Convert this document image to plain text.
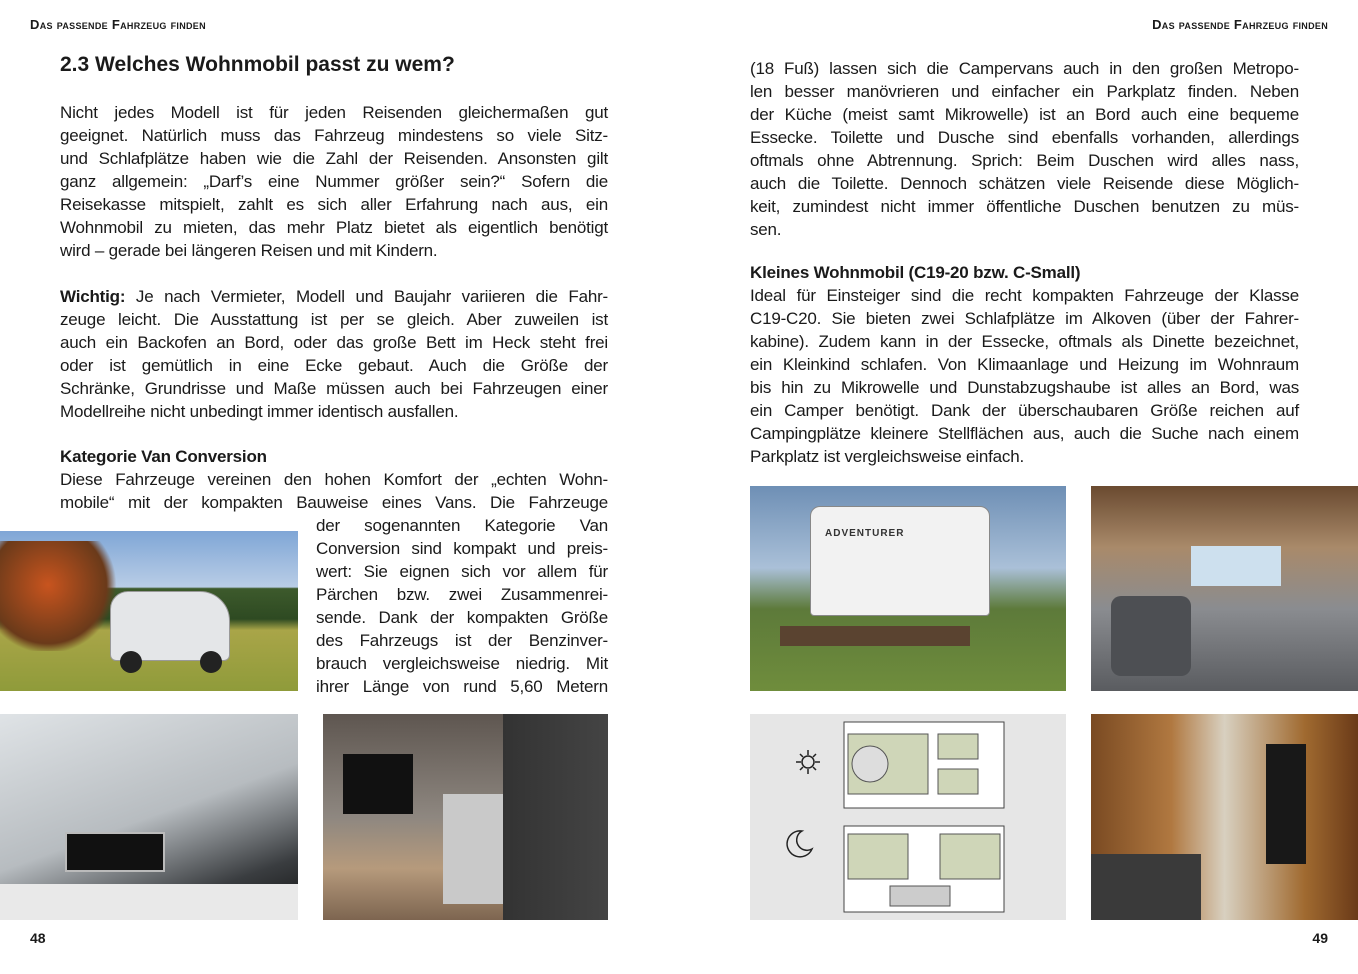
Das passende Fahrzeug finden	Das passende Fahrzeug finden
2.3 Welches Wohnmobil passt zu wem?
Nicht jedes Modell ist für jeden Reisenden gleichermaßen gut
geeignet. Natürlich muss das Fahrzeug mindestens so viele Sitz-
und Schlafplätze haben wie die Zahl der Reisenden. Ansonsten gilt
ganz allgemein: „Darf’s eine Nummer größer sein?“ Sofern die
Reisekasse mitspielt, zahlt es sich aller Erfahrung nach aus, ein
Wohnmobil zu mieten, das mehr Platz bietet als eigentlich benötigt
wird – gerade bei längeren Reisen und mit Kindern.
Wichtig: Je nach Vermieter, Modell und Baujahr variieren die Fahr-
zeuge leicht. Die Ausstattung ist per se gleich. Aber zuweilen ist
auch ein Backofen an Bord, oder das große Bett im Heck steht frei
oder ist gemütlich in eine Ecke gebaut. Auch die Größe der
Schränke, Grundrisse und Maße müssen auch bei Fahrzeugen einer
Modellreihe nicht unbedingt immer identisch ausfallen.
Kategorie Van Conversion
Diese Fahrzeuge vereinen den hohen Komfort der „echten Wohn-
mobile“ mit der kompakten Bauweise eines Vans. Die Fahrzeuge
der sogenannten Kategorie Van
Conversion sind kompakt und preis-
wert: Sie eignen sich vor allem für
Pärchen bzw. zwei Zusammenrei-
sende. Dank der kompakten Größe
des Fahrzeugs ist der Benzinver-
brauch vergleichsweise niedrig. Mit
ihrer Länge von rund 5,60 Metern
(18 Fuß) lassen sich die Campervans auch in den großen Metropo-
len besser manövrieren und einfacher ein Parkplatz finden. Neben
der Küche (meist samt Mikrowelle) ist an Bord auch eine bequeme
Essecke. Toilette und Dusche sind ebenfalls vorhanden, allerdings
oftmals ohne Abtrennung. Sprich: Beim Duschen wird alles nass,
auch die Toilette. Dennoch schätzen viele Reisende diese Möglich-
keit, zumindest nicht immer öffentliche Duschen benutzen zu müs-
sen.
Kleines Wohnmobil (C19-20 bzw. C-Small)
Ideal für Einsteiger sind die recht kompakten Fahrzeuge der Klasse
C19-C20. Sie bieten zwei Schlafplätze im Alkoven (über der Fahrer-
kabine). Zudem kann in der Essecke, oftmals als Dinette bezeichnet,
ein Kleinkind schlafen. Von Klimaanlage und Heizung im Wohnraum
bis hin zu Mikrowelle und Dunstabzugshaube ist alles an Bord, was
ein Camper benötigt. Dank der überschaubaren Größe reichen auf
Campingplätze kleinere Stellflächen aus, auch die Suche nach einem
Parkplatz ist vergleichsweise einfach.
ADVENTURER
48	49
